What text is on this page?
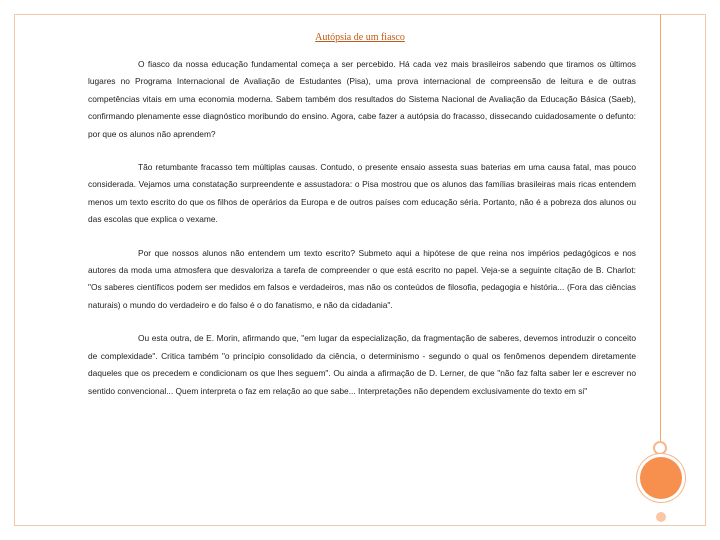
Autópsia de um fiasco

O fiasco da nossa educação fundamental começa a ser percebido. Há cada vez mais brasileiros sabendo que tiramos os últimos lugares no Programa Internacional de Avaliação de Estudantes (Pisa), uma prova internacional de compreensão de leitura e de outras competências vitais em uma economia moderna. Sabem também dos resultados do Sistema Nacional de Avaliação da Educação Básica (Saeb), confirmando plenamente esse diagnóstico moribundo do ensino. Agora, cabe fazer a autópsia do fracasso, dissecando cuidadosamente o defunto: por que os alunos não aprendem?

Tão retumbante fracasso tem múltiplas causas. Contudo, o presente ensaio assesta suas baterias em uma causa fatal, mas pouco considerada. Vejamos uma constatação surpreendente e assustadora: o Pisa mostrou que os alunos das famílias brasileiras mais ricas entendem menos um texto escrito do que os filhos de operários da Europa e de outros países com educação séria. Portanto, não é a pobreza dos alunos ou das escolas que explica o vexame.

Por que nossos alunos não entendem um texto escrito? Submeto aqui a hipótese de que reina nos impérios pedagógicos e nos autores da moda uma atmosfera que desvaloriza a tarefa de compreender o que está escrito no papel. Veja-se a seguinte citação de B. Charlot: "Os saberes científicos podem ser medidos em falsos e verdadeiros, mas não os conteúdos de filosofia, pedagogia e história... (Fora das ciências naturais) o mundo do verdadeiro e do falso é o do fanatismo, e não da cidadania".

Ou esta outra, de E. Morin, afirmando que, "em lugar da especialização, da fragmentação de saberes, devemos introduzir o conceito de complexidade". Critica também "o princípio consolidado da ciência, o determinismo - segundo o qual os fenômenos dependem diretamente daqueles que os precedem e condicionam os que lhes seguem". Ou ainda a afirmação de D. Lerner, de que "não faz falta saber ler e escrever no sentido convencional... Quem interpreta o faz em relação ao que sabe... Interpretações não dependem exclusivamente do texto em si"
